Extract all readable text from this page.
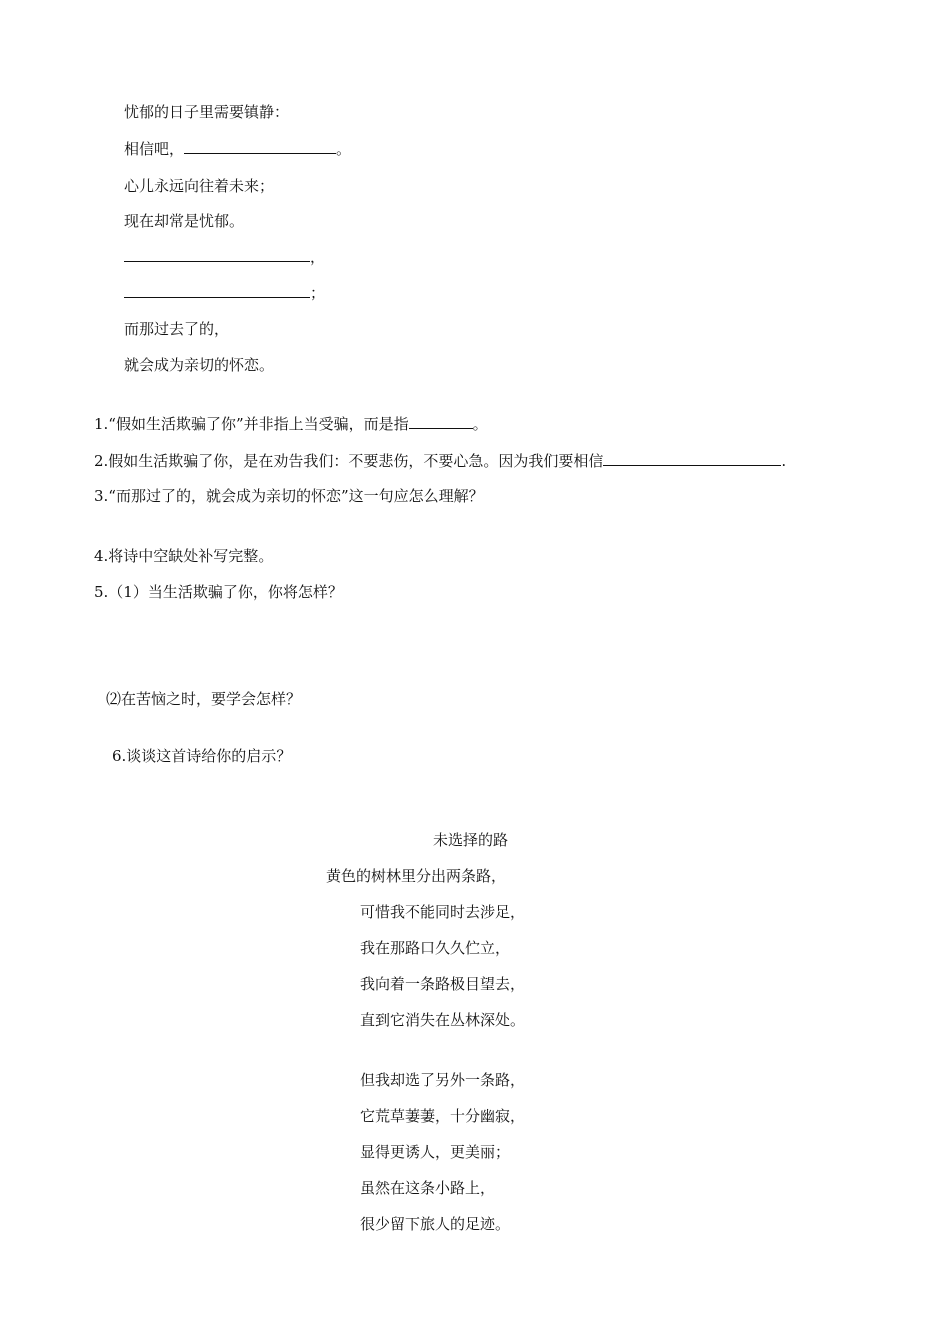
忧郁的日子里需要镇静：
相信吧，	。
心儿永远向往着未来；
现在却常是忧郁。
，
；
而那过去了的，
就会成为亲切的怀恋。
1.“假如生活欺骗了你”并非指上当受骗，而是指	。
2.假如生活欺骗了你，是在劝告我们：不要悲伤，不要心急。因为我们要相信	.
3.“而那过了的，就会成为亲切的怀恋”这一句应怎么理解？
4.将诗中空缺处补写完整。
5.（1）当生活欺骗了你，你将怎样？
⑵在苦恼之时，要学会怎样？
6.谈谈这首诗给你的启示？
未选择的路
黄色的树林里分出两条路，
可惜我不能同时去涉足，
我在那路口久久伫立，
我向着一条路极目望去，
直到它消失在丛林深处。
但我却选了另外一条路，
它荒草萋萋，十分幽寂，
显得更诱人，更美丽；
虽然在这条小路上，
很少留下旅人的足迹。
